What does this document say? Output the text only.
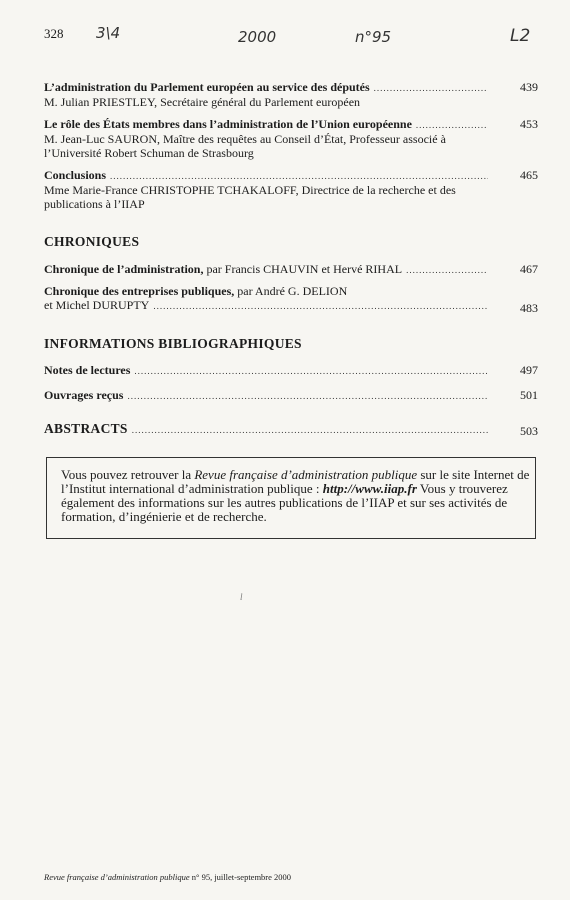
328 3\4	2000	n°95	L2
L’administration du Parlement européen au service des députés .....	439
M. Julian PRIESTLEY, Secrétaire général du Parlement européen
Le rôle des États membres dans l’administration de l’Union européenne .....	453
M. Jean-Luc SAURON, Maître des requêtes au Conseil d’État, Professeur associé à l’Université Robert Schuman de Strasbourg
Conclusions .....	465
Mme Marie-France CHRISTOPHE TCHAKALOFF, Directrice de la recherche et des publications à l’IIAP
CHRONIQUES
Chronique de l’administration,
par Francis CHAUVIN et Hervé RIHAL .....	467
Chronique des entreprises publiques,
par André G. DELION
et Michel DURUPTY .....	483
INFORMATIONS BIBLIOGRAPHIQUES
Notes de lectures .....	497
Ouvrages reçus .....	501
ABSTRACTS .....	503
Vous pouvez retrouver la Revue française d’administration publique sur le site Internet de l’Institut international d’administration publique : http://www.iiap.fr Vous y trouverez également des informations sur les autres publications de l’IIAP et sur ses activités de formation, d’ingénierie et de recherche.
l
Revue française d’administration publique n° 95, juillet-septembre 2000
